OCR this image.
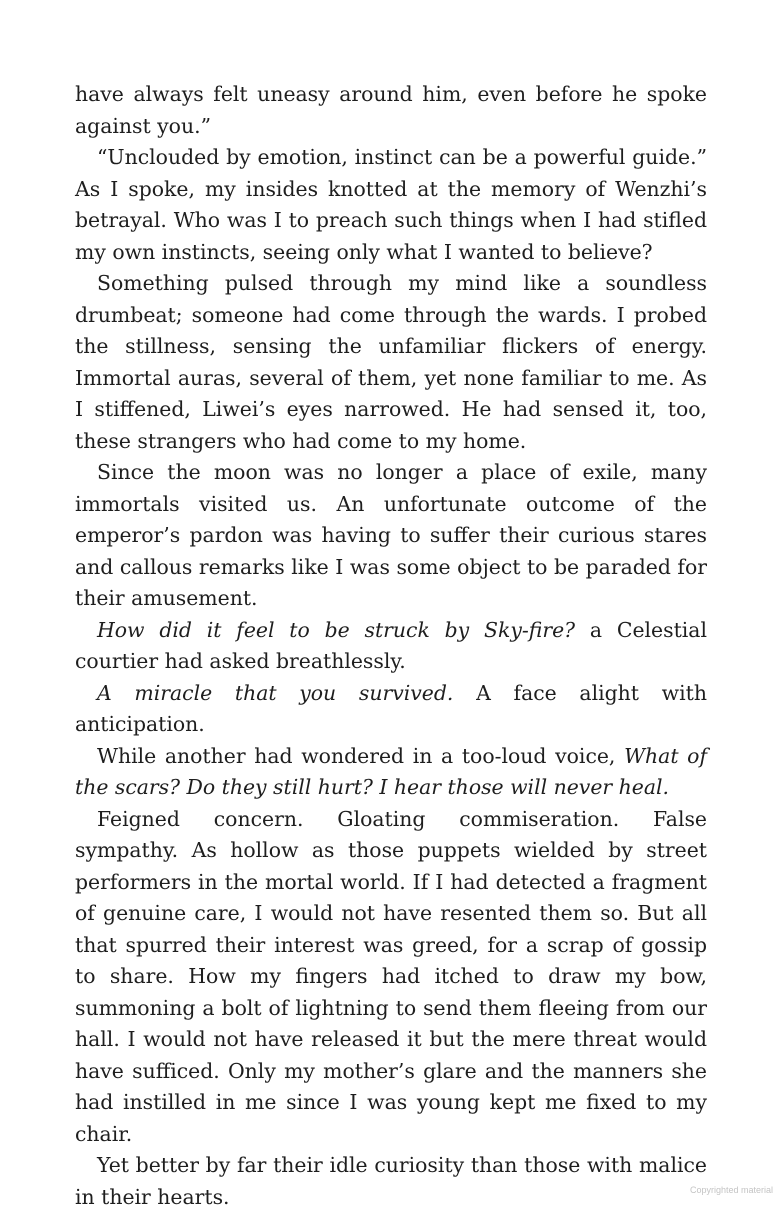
have always felt uneasy around him, even before he spoke against you.”

“Unclouded by emotion, instinct can be a powerful guide.” As I spoke, my insides knotted at the memory of Wenzhi’s betrayal. Who was I to preach such things when I had stifled my own instincts, seeing only what I wanted to believe?

Something pulsed through my mind like a soundless drumbeat; someone had come through the wards. I probed the stillness, sensing the unfamiliar flickers of energy. Immortal auras, several of them, yet none familiar to me. As I stiffened, Liwei’s eyes narrowed. He had sensed it, too, these strangers who had come to my home.

Since the moon was no longer a place of exile, many immortals visited us. An unfortunate outcome of the emperor’s pardon was having to suffer their curious stares and callous remarks like I was some object to be paraded for their amusement.

How did it feel to be struck by Sky-fire? a Celestial courtier had asked breathlessly.

A miracle that you survived. A face alight with anticipation.

While another had wondered in a too-loud voice, What of the scars? Do they still hurt? I hear those will never heal.

Feigned concern. Gloating commiseration. False sympathy. As hollow as those puppets wielded by street performers in the mortal world. If I had detected a fragment of genuine care, I would not have resented them so. But all that spurred their interest was greed, for a scrap of gossip to share. How my fingers had itched to draw my bow, summoning a bolt of lightning to send them fleeing from our hall. I would not have released it but the mere threat would have sufficed. Only my mother’s glare and the manners she had instilled in me since I was young kept me fixed to my chair.

Yet better by far their idle curiosity than those with malice in their hearts.	Copyrighted material
